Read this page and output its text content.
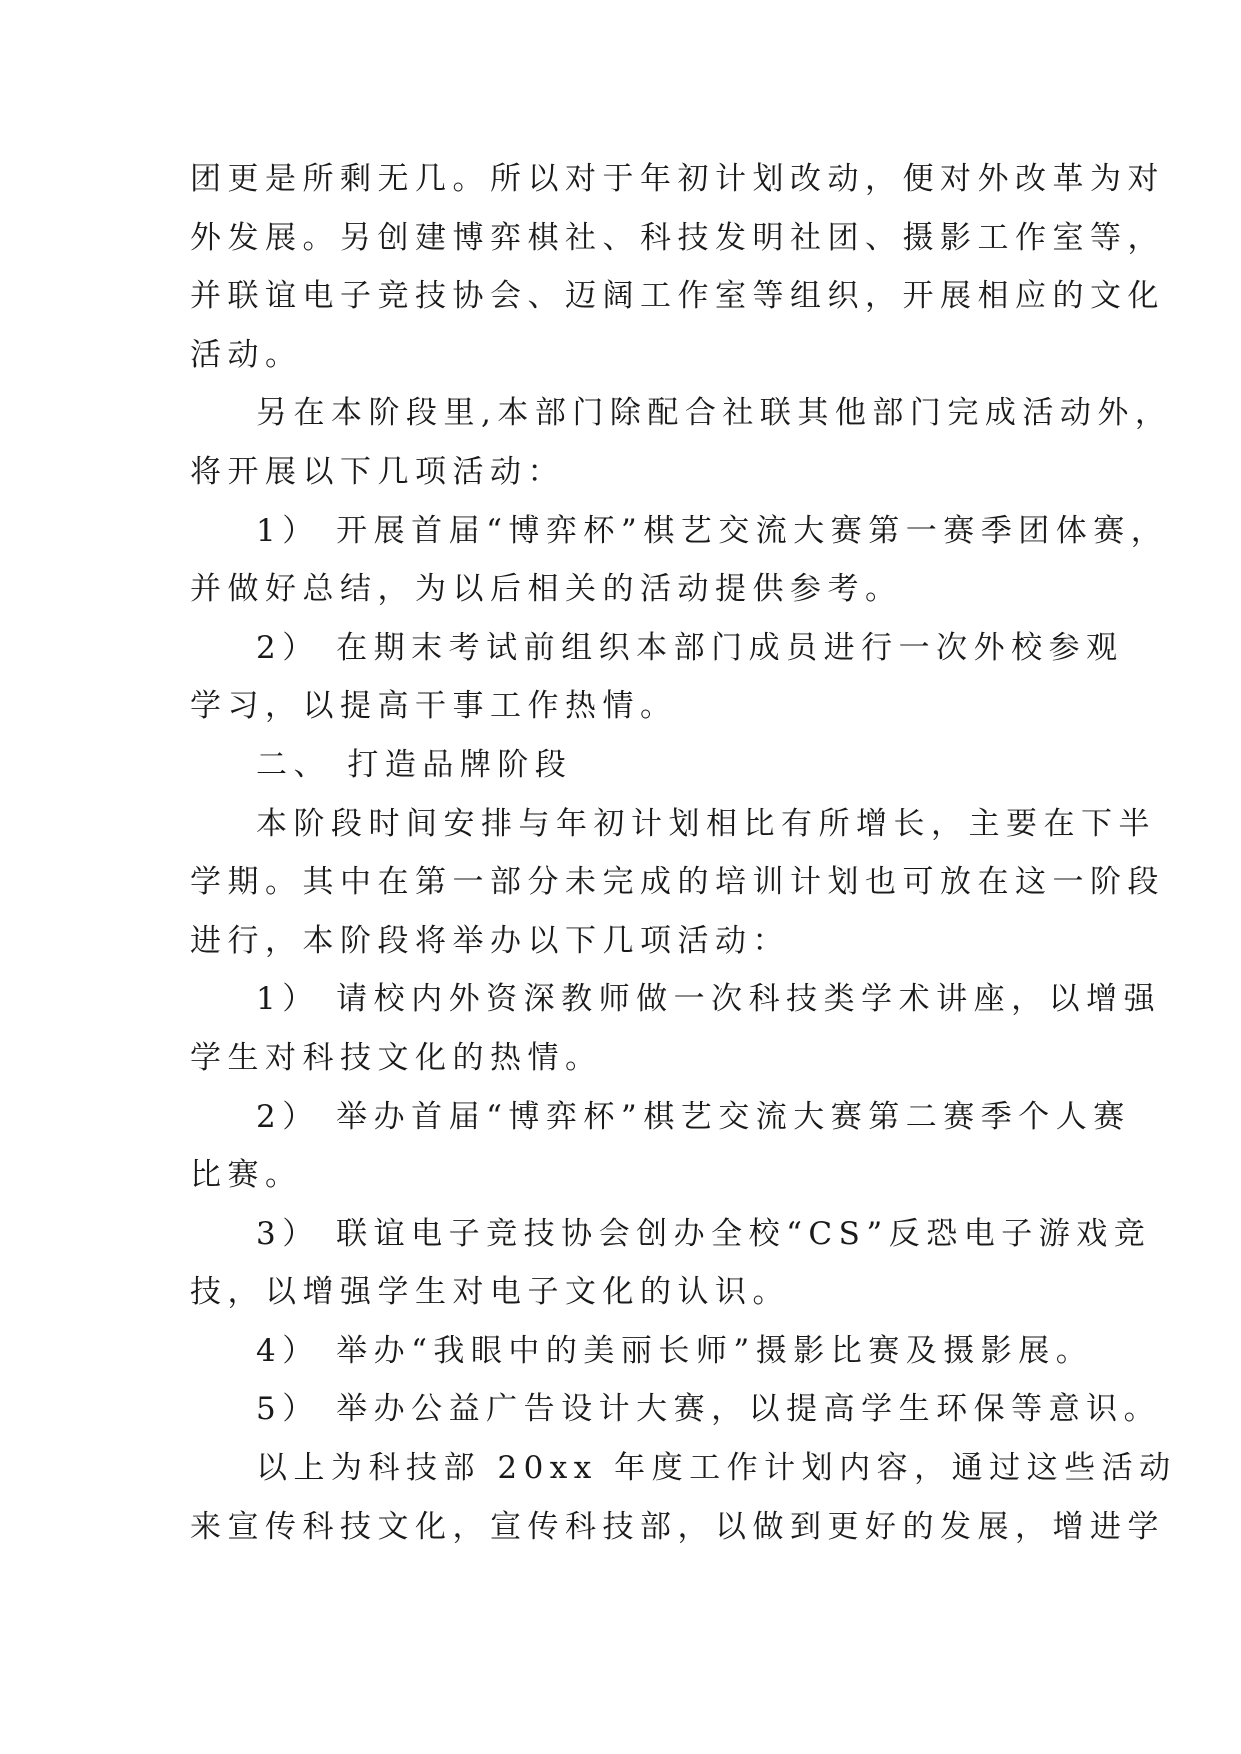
团更是所剩无几。所以对于年初计划改动，便对外改革为对
外发展。另创建博弈棋社、科技发明社团、摄影工作室等，
并联谊电子竞技协会、迈阔工作室等组织，开展相应的文化
活动。
另在本阶段里,本部门除配合社联其他部门完成活动外，
将开展以下几项活动：
1） 开展首届“博弈杯”棋艺交流大赛第一赛季团体赛，
并做好总结，为以后相关的活动提供参考。
2） 在期末考试前组织本部门成员进行一次外校参观
学习，以提高干事工作热情。
二、 打造品牌阶段
本阶段时间安排与年初计划相比有所增长，主要在下半
学期。其中在第一部分未完成的培训计划也可放在这一阶段
进行，本阶段将举办以下几项活动：
1） 请校内外资深教师做一次科技类学术讲座，以增强
学生对科技文化的热情。
2） 举办首届“博弈杯”棋艺交流大赛第二赛季个人赛
比赛。
3） 联谊电子竞技协会创办全校“CS”反恐电子游戏竞
技，以增强学生对电子文化的认识。
4） 举办“我眼中的美丽长师”摄影比赛及摄影展。
5） 举办公益广告设计大赛，以提高学生环保等意识。
以上为科技部 20xx 年度工作计划内容，通过这些活动
来宣传科技文化，宣传科技部，以做到更好的发展，增进学
